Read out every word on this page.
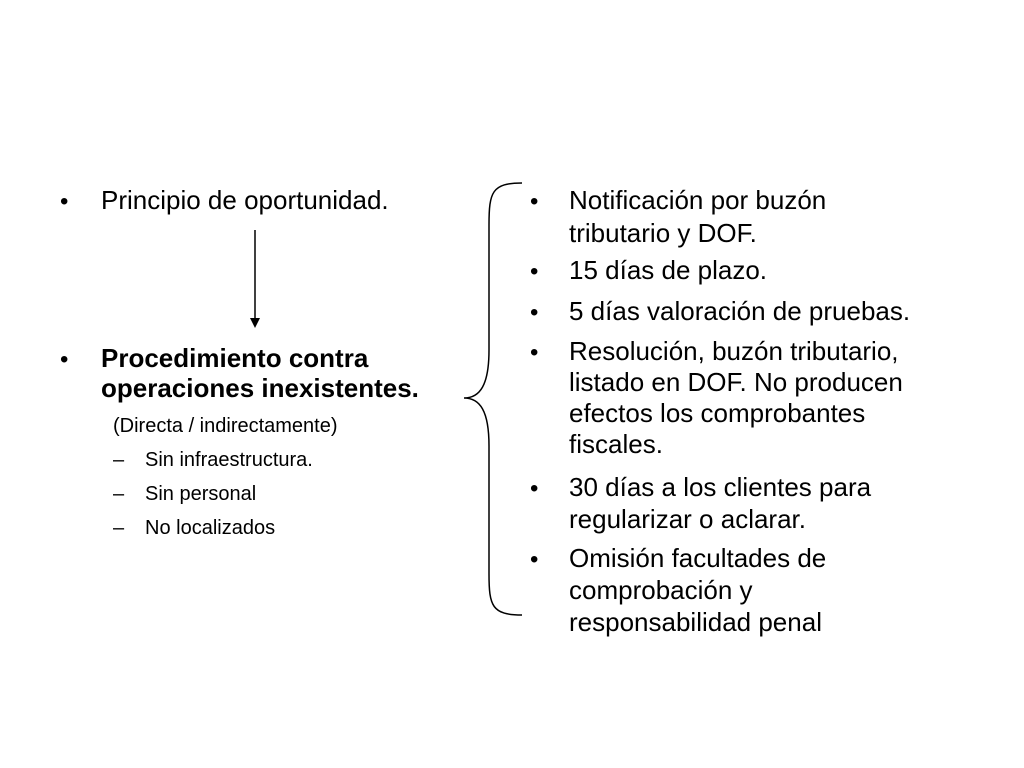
• Principio de oportunidad.
• Procedimiento contra
operaciones inexistentes.
(Directa / indirectamente)
– Sin infraestructura.
– Sin personal
– No localizados
• Notificación por buzón
tributario y DOF.
• 15 días de plazo.
• 5 días valoración de pruebas.
• Resolución, buzón tributario,
listado en DOF. No producen
efectos los comprobantes
fiscales.
• 30 días a los clientes para
regularizar o aclarar.
• Omisión facultades de
comprobación y
responsabilidad penal
